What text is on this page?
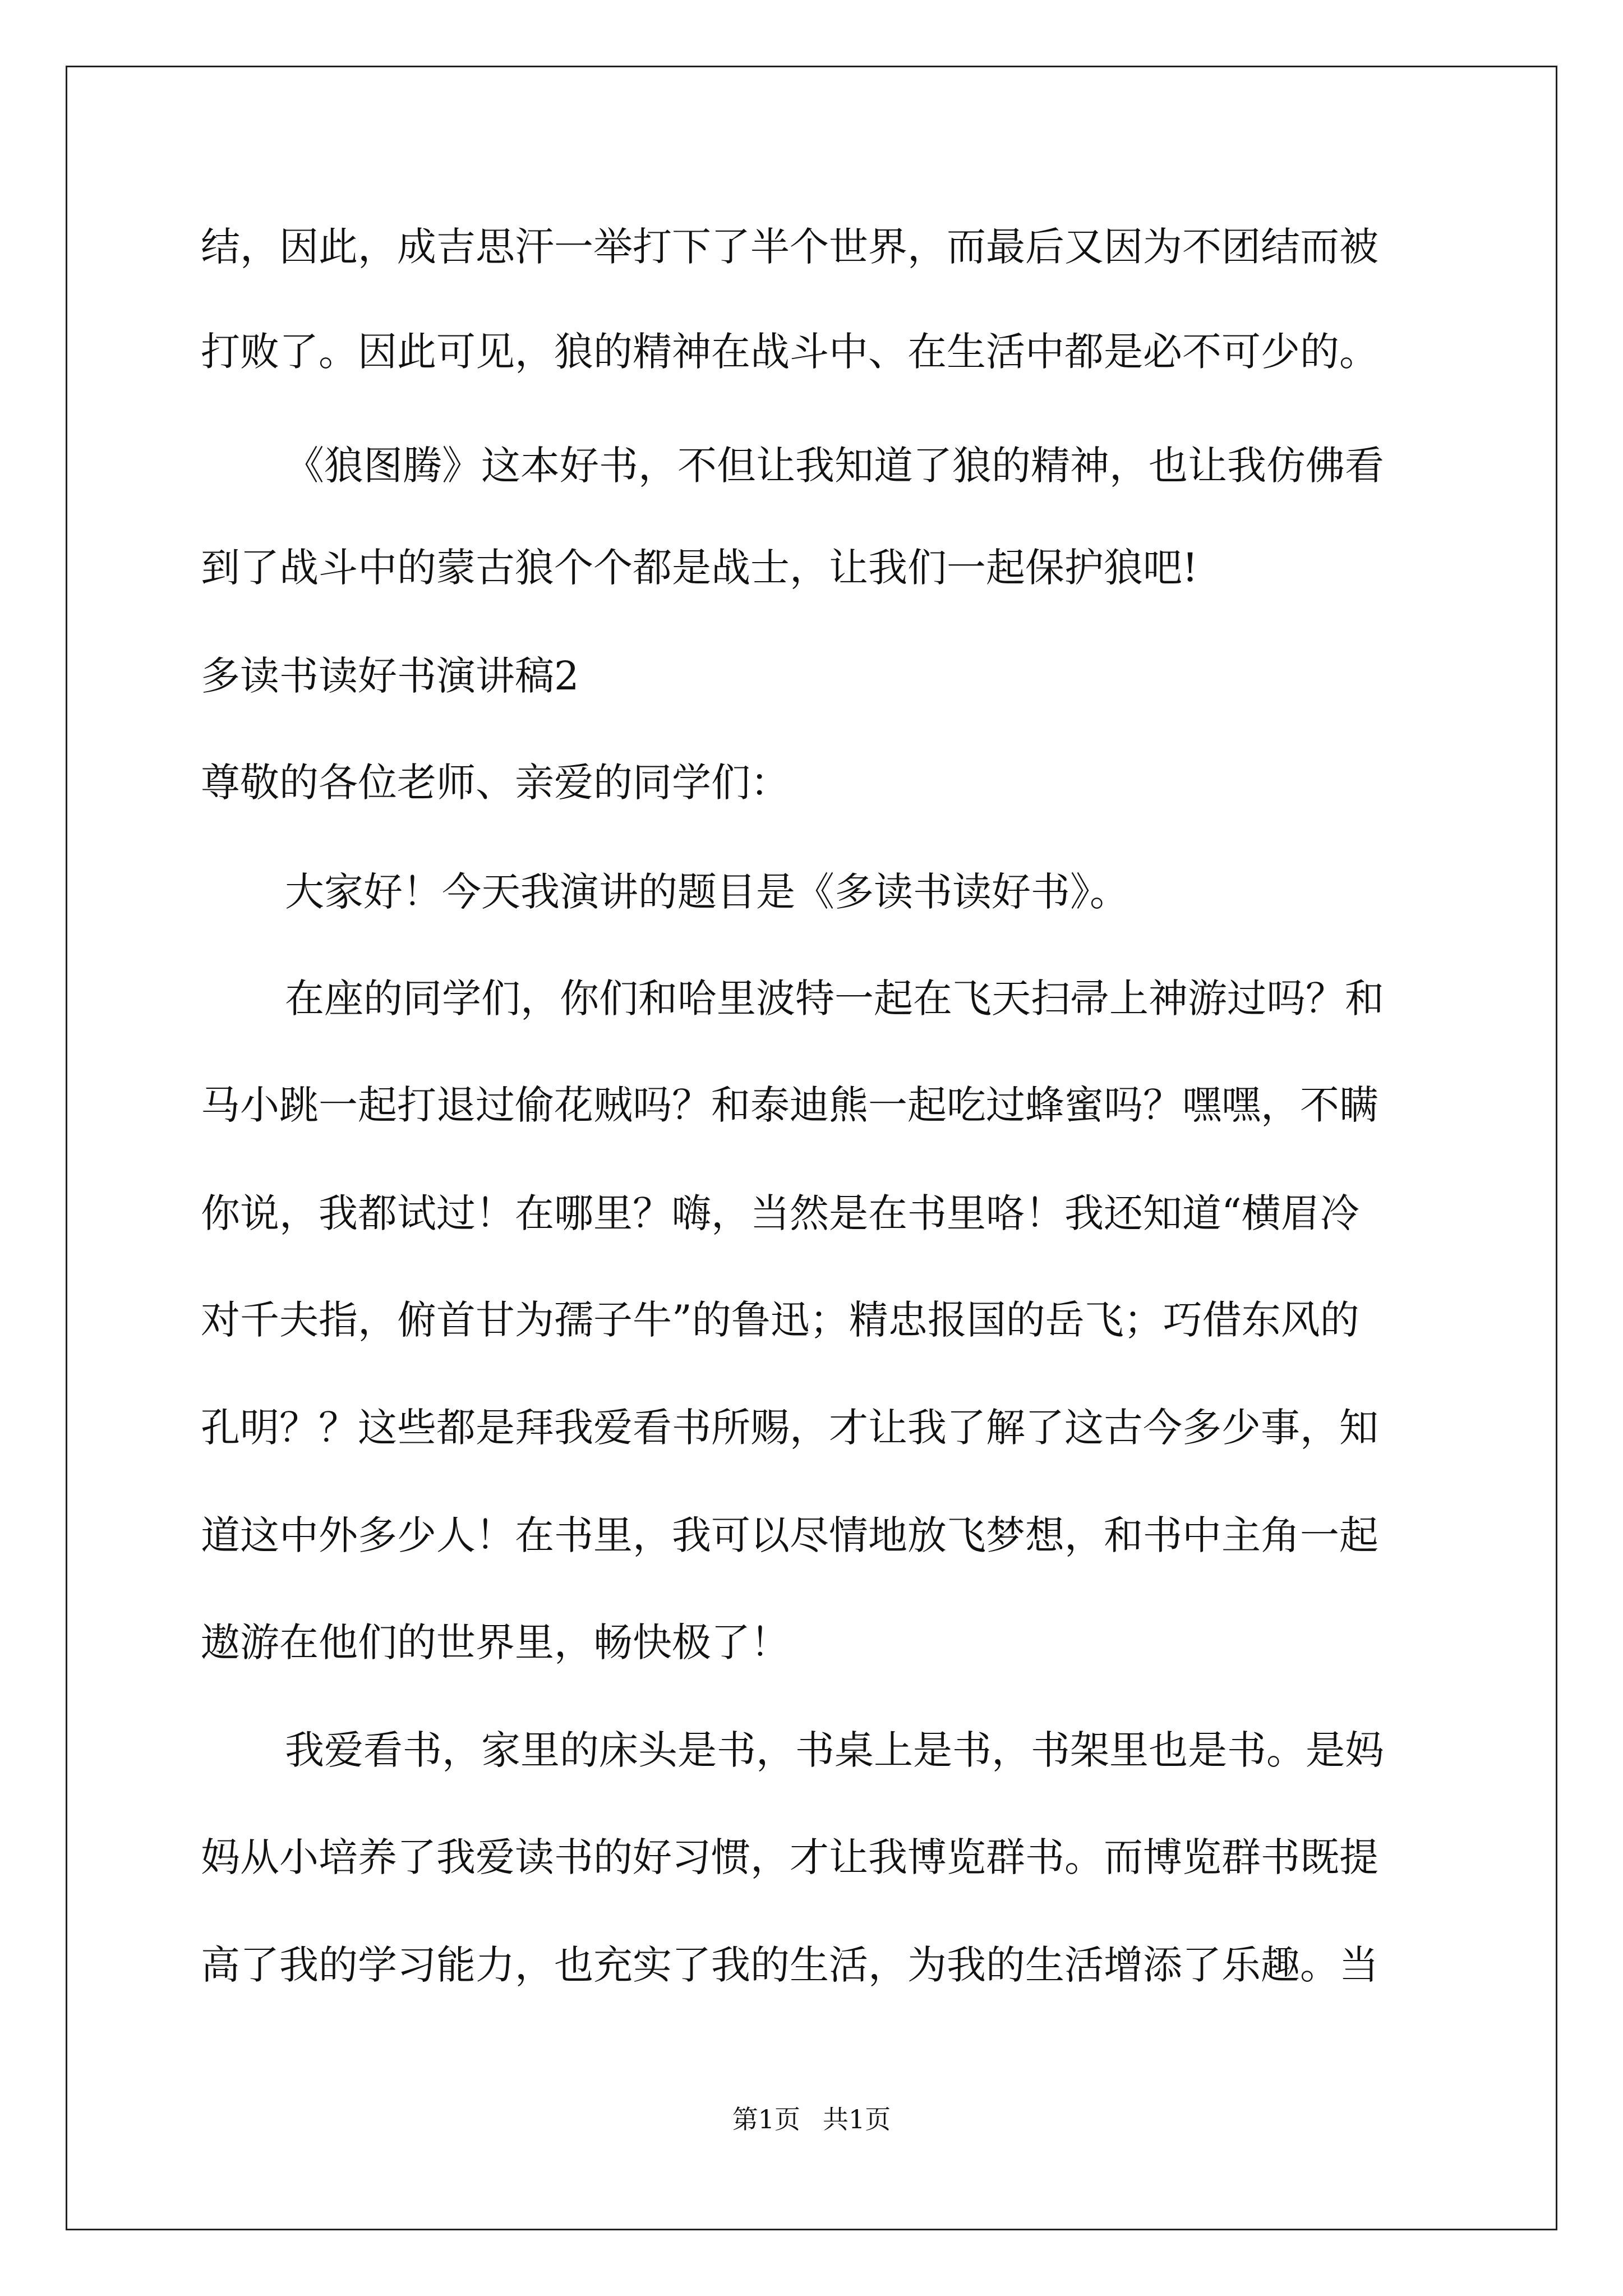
结，因此，成吉思汗一举打下了半个世界，而最后又因为不团结而被
打败了。因此可见，狼的精神在战斗中、在生活中都是必不可少的。
《狼图腾》这本好书，不但让我知道了狼的精神，也让我仿佛看
到了战斗中的蒙古狼个个都是战士，让我们一起保护狼吧!
多读书读好书演讲稿2
尊敬的各位老师、亲爱的同学们：
大家好！今天我演讲的题目是《多读书读好书》。
在座的同学们，你们和哈里波特一起在飞天扫帚上神游过吗？和
马小跳一起打退过偷花贼吗？和泰迪熊一起吃过蜂蜜吗？嘿嘿，不瞒
你说，我都试过！在哪里？嗨，当然是在书里咯！我还知道“横眉冷
对千夫指，俯首甘为孺子牛”的鲁迅；精忠报国的岳飞；巧借东风的
孔明？？这些都是拜我爱看书所赐，才让我了解了这古今多少事，知
道这中外多少人！在书里，我可以尽情地放飞梦想，和书中主角一起
遨游在他们的世界里，畅快极了！
我爱看书，家里的床头是书，书桌上是书，书架里也是书。是妈
妈从小培养了我爱读书的好习惯，才让我博览群书。而博览群书既提
高了我的学习能力，也充实了我的生活，为我的生活增添了乐趣。当
第1页 共1页
